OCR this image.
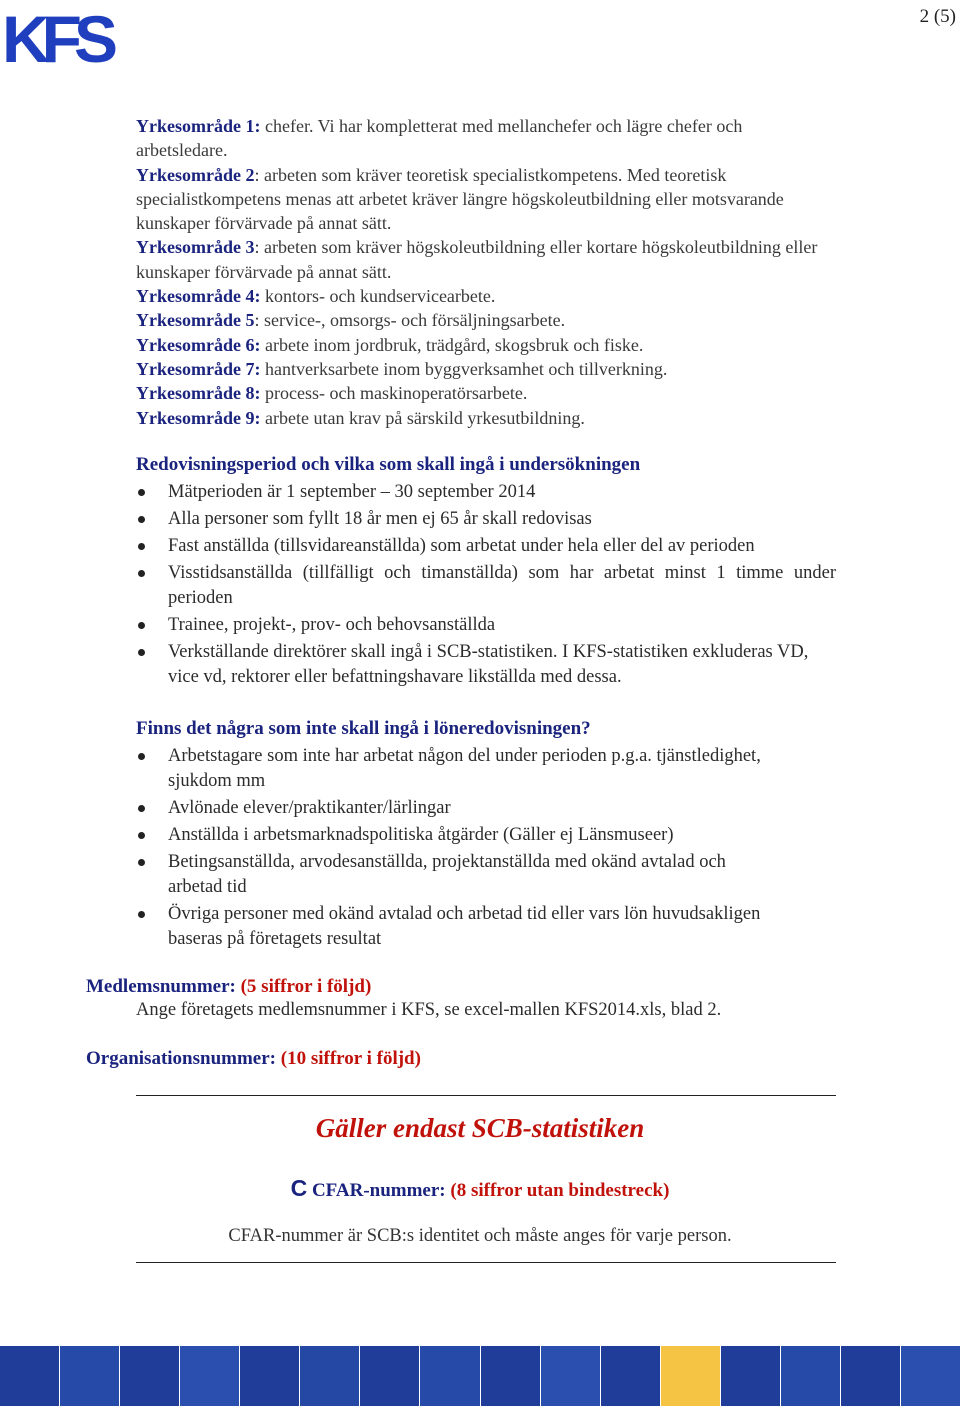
KFS	2 (5)

Yrkesområde 1: chefer. Vi har kompletterat med mellanchefer och lägre chefer och arbetsledare.

Yrkesområde 2: arbeten som kräver teoretisk specialistkompetens. Med teoretisk specialistkompetens menas att arbetet kräver längre högskoleutbildning eller motsvarande kunskaper förvärvade på annat sätt.

Yrkesområde 3: arbeten som kräver högskoleutbildning eller kortare högskoleutbildning eller kunskaper förvärvade på annat sätt.

Yrkesområde 4: kontors- och kundservicearbete.

Yrkesområde 5: service-, omsorgs- och försäljningsarbete.

Yrkesområde 6: arbete inom jordbruk, trädgård, skogsbruk och fiske.

Yrkesområde 7: hantverksarbete inom byggverksamhet och tillverkning.

Yrkesområde 8: process- och maskinoperatörsarbete.

Yrkesområde 9: arbete utan krav på särskild yrkesutbildning.

Redovisningsperiod och vilka som skall ingå i undersökningen
Mätperioden är 1 september – 30 september 2014
Alla personer som fyllt 18 år men ej 65 år skall redovisas
Fast anställda (tillsvidareanställda) som arbetat under hela eller del av perioden
Visstidsanställda (tillfälligt och timanställda) som har arbetat minst 1 timme under perioden
Trainee, projekt-, prov- och behovsanställda
Verkställande direktörer skall ingå i SCB-statistiken. I KFS-statistiken exkluderas VD, vice vd, rektorer eller befattningshavare likställda med dessa.
Finns det några som inte skall ingå i löneredovisningen?
Arbetstagare som inte har arbetat någon del under perioden p.g.a. tjänstledighet, sjukdom mm
Avlönade elever/praktikanter/lärlingar
Anställda i arbetsmarknadspolitiska åtgärder (Gäller ej Länsmuseer)
Betingsanställda, arvodesanställda, projektanställda med okänd avtalad och arbetad tid
Övriga personer med okänd avtalad och arbetad tid eller vars lön huvudsakligen baseras på företagets resultat
Medlemsnummer: (5 siffror i följd)
Ange företagets medlemsnummer i KFS, se excel-mallen KFS2014.xls, blad 2.
Organisationsnummer: (10 siffror i följd)
Gäller endast SCB-statistiken
C CFAR-nummer: (8 siffror utan bindestreck)
CFAR-nummer är SCB:s identitet och måste anges för varje person.
